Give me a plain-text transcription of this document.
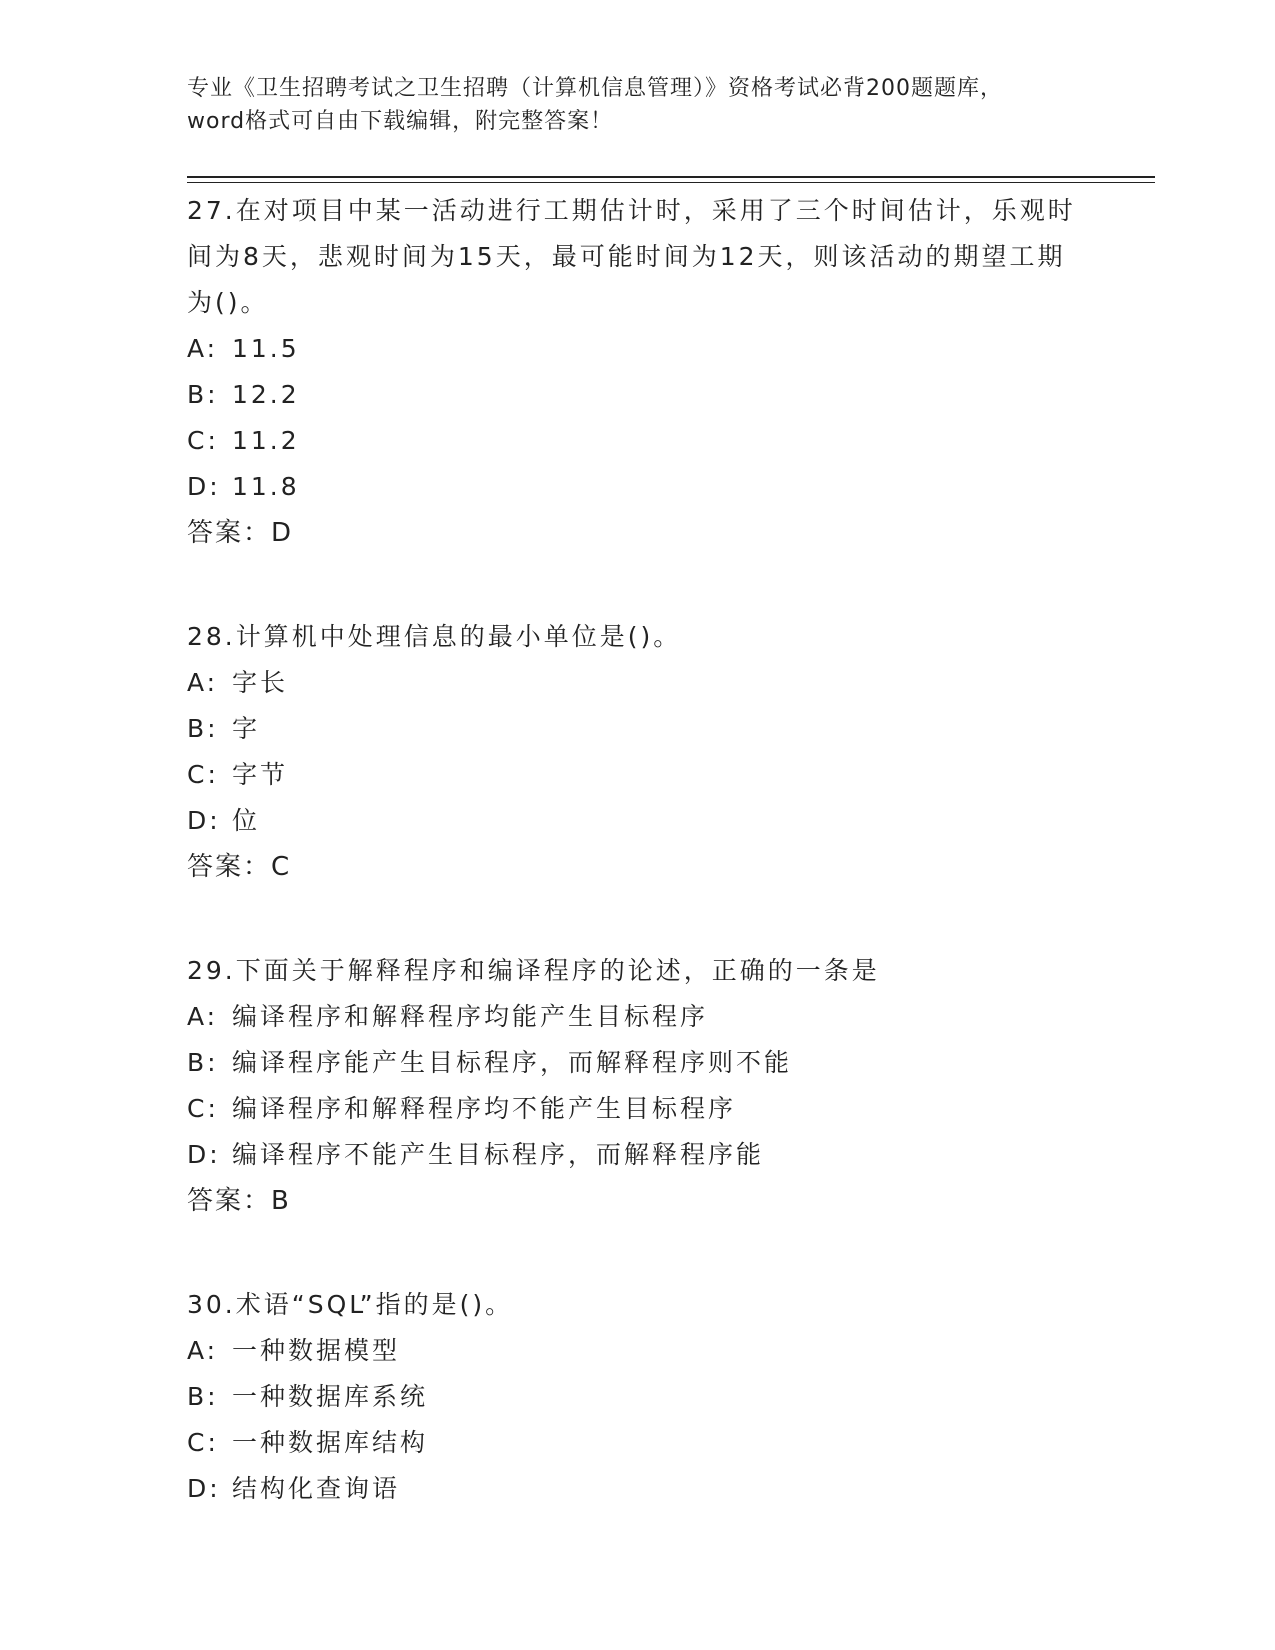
专业《卫生招聘考试之卫生招聘（计算机信息管理）》资格考试必背200题题库，
word格式可自由下载编辑，附完整答案！
27.在对项目中某一活动进行工期估计时，采用了三个时间估计，乐观时间为8天，悲观时间为15天，最可能时间为12天，则该活动的期望工期为()。
A: 11.5
B: 12.2
C: 11.2
D: 11.8
答案：D
28.计算机中处理信息的最小单位是()。
A: 字长
B: 字
C: 字节
D: 位
答案：C
29.下面关于解释程序和编译程序的论述，正确的一条是
A: 编译程序和解释程序均能产生目标程序
B: 编译程序能产生目标程序，而解释程序则不能
C: 编译程序和解释程序均不能产生目标程序
D: 编译程序不能产生目标程序，而解释程序能
答案：B
30.术语“SQL”指的是()。
A: 一种数据模型
B: 一种数据库系统
C: 一种数据库结构
D: 结构化查询语
